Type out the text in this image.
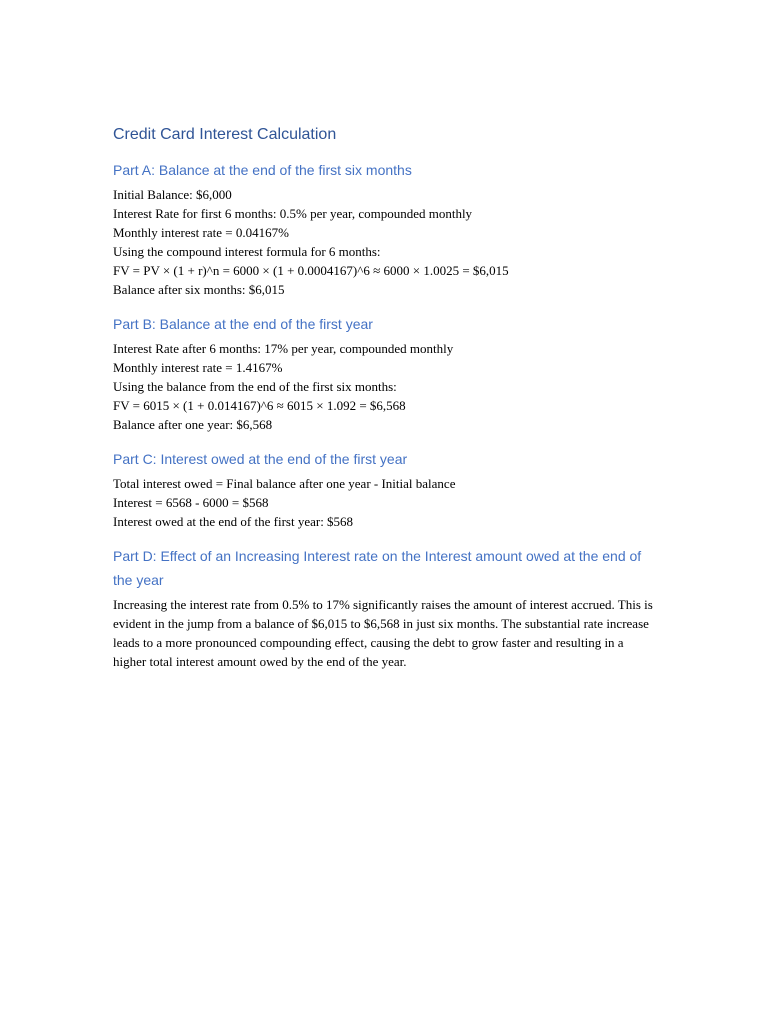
Credit Card Interest Calculation
Part A: Balance at the end of the first six months

Initial Balance: $6,000

Interest Rate for first 6 months: 0.5% per year, compounded monthly

Monthly interest rate = 0.04167%

Using the compound interest formula for 6 months:

FV = PV × (1 + r)^n = 6000 × (1 + 0.0004167)^6 ≈ 6000 × 1.0025 = $6,015

Balance after six months: $6,015

Part B: Balance at the end of the first year

Interest Rate after 6 months: 17% per year, compounded monthly

Monthly interest rate = 1.4167%

Using the balance from the end of the first six months:

FV = 6015 × (1 + 0.014167)^6 ≈ 6015 × 1.092 = $6,568

Balance after one year: $6,568

Part C: Interest owed at the end of the first year

Total interest owed = Final balance after one year - Initial balance

Interest = 6568 - 6000 = $568

Interest owed at the end of the first year: $568

Part D: Effect of an Increasing Interest rate on the Interest amount owed at the end of the year

Increasing the interest rate from 0.5% to 17% significantly raises the amount of interest accrued. This is evident in the jump from a balance of $6,015 to $6,568 in just six months. The substantial rate increase leads to a more pronounced compounding effect, causing the debt to grow faster and resulting in a higher total interest amount owed by the end of the year.
